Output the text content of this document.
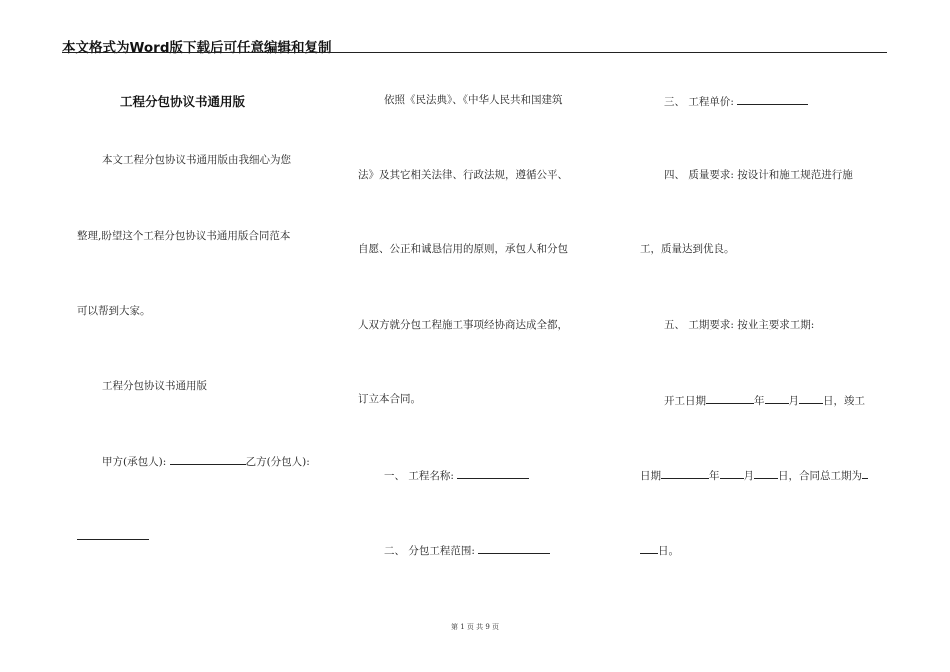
本文格式为Word版下载后可任意编辑和复制
工程分包协议书通用版
本文工程分包协议书通用版由我细心为您
整理,盼望这个工程分包协议书通用版合同范本
可以帮到大家。
工程分包协议书通用版
甲方(承包人):	乙方(分包人):
依照《民法典》、《中华人民共和国建筑
法》及其它相关法律、行政法规，遵循公平、
自愿、公正和诚恳信用的原则，承包人和分包
人双方就分包工程施工事项经协商达成全都，
订立本合同。
一、 工程名称:
二、 分包工程范围:
三、 工程单价:
四、 质量要求: 按设计和施工规范进行施
工，质量达到优良。
五、 工期要求: 按业主要求工期:
开工日期	年 月 日，竣工
日期	年 月 日，合同总工期为
日。
第 1 页 共 9 页
